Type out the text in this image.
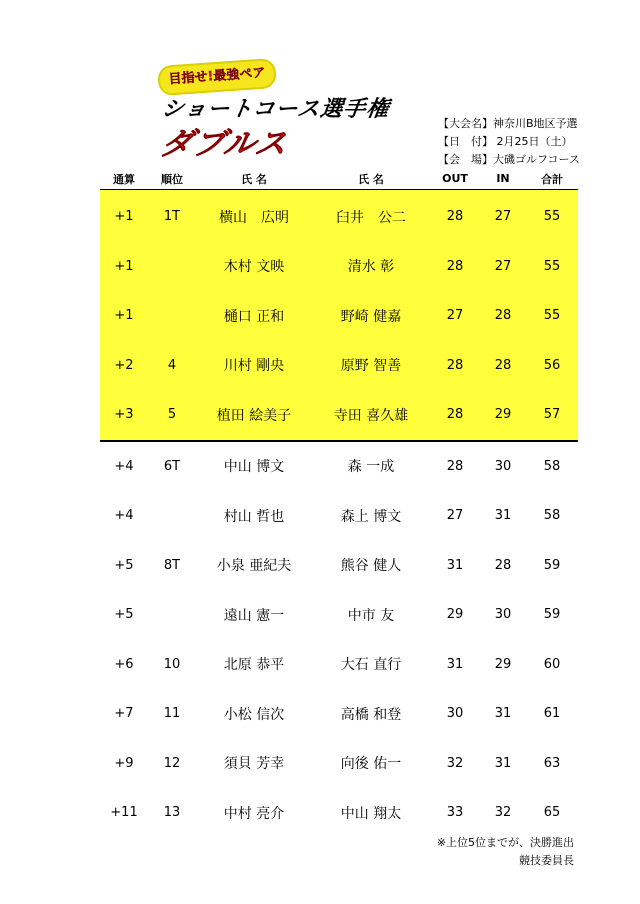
目指せ!最強ペア
ショートコース選手権
ダブルス
【大会名】神奈川B地区予選
【日　付】 2月25日（土）
【会　場】大磯ゴルフコース
通算	順位	氏 名	氏 名	OUT	IN	合計
+1	1T	横山　広明	臼井　公二	28	27	55
+1		木村 文映	清水 彰	28	27	55
+1		樋口 正和	野崎 健嘉	27	28	55
+2	4	川村 剛央	原野 智善	28	28	56
+3	5	植田 絵美子	寺田 喜久雄	28	29	57
+4	6T	中山 博文	森 一成	28	30	58
+4		村山 哲也	森上 博文	27	31	58
+5	8T	小泉 亜紀夫	熊谷 健人	31	28	59
+5		遠山 憲一	中市 友	29	30	59
+6	10	北原 恭平	大石 直行	31	29	60
+7	11	小松 信次	高橋 和登	30	31	61
+9	12	須貝 芳幸	向後 佑一	32	31	63
+11	13	中村 亮介	中山 翔太	33	32	65
※上位5位までが、決勝進出
競技委員長
